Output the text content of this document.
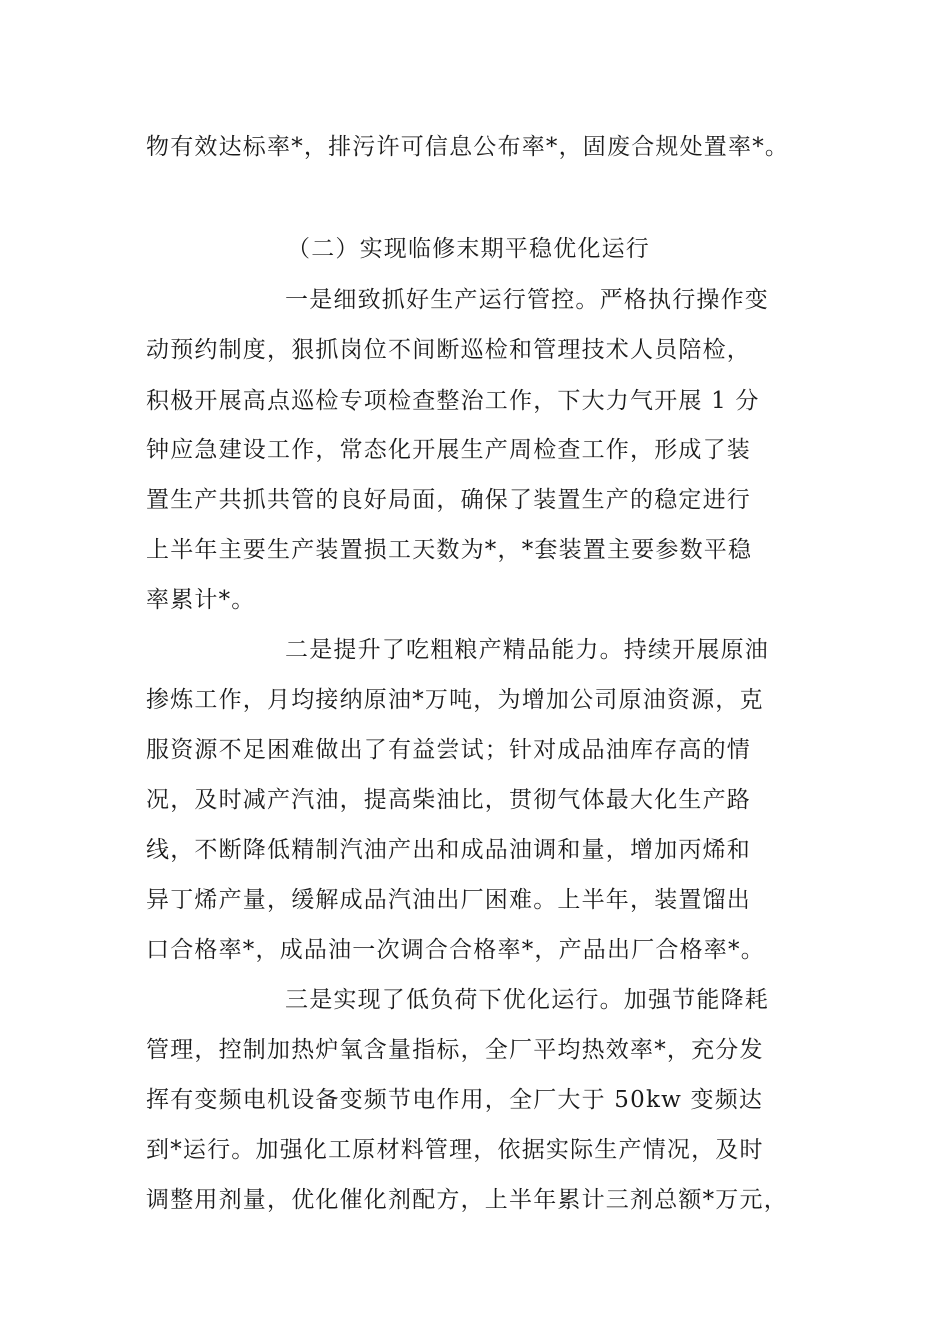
物有效达标率*，排污许可信息公布率*，固废合规处置率*。
（二）实现临修末期平稳优化运行
一是细致抓好生产运行管控。严格执行操作变
动预约制度，狠抓岗位不间断巡检和管理技术人员陪检，
积极开展高点巡检专项检查整治工作，下大力气开展 1 分
钟应急建设工作，常态化开展生产周检查工作，形成了装
置生产共抓共管的良好局面，确保了装置生产的稳定进行
上半年主要生产装置损工天数为*，*套装置主要参数平稳
率累计*。
二是提升了吃粗粮产精品能力。持续开展原油
掺炼工作，月均接纳原油*万吨，为增加公司原油资源，克
服资源不足困难做出了有益尝试；针对成品油库存高的情
况，及时减产汽油，提高柴油比，贯彻气体最大化生产路
线，不断降低精制汽油产出和成品油调和量，增加丙烯和
异丁烯产量，缓解成品汽油出厂困难。上半年，装置馏出
口合格率*，成品油一次调合合格率*，产品出厂合格率*。
三是实现了低负荷下优化运行。加强节能降耗
管理，控制加热炉氧含量指标，全厂平均热效率*，充分发
挥有变频电机设备变频节电作用，全厂大于 50kw 变频达
到*运行。加强化工原材料管理，依据实际生产情况，及时
调整用剂量，优化催化剂配方，上半年累计三剂总额*万元，
